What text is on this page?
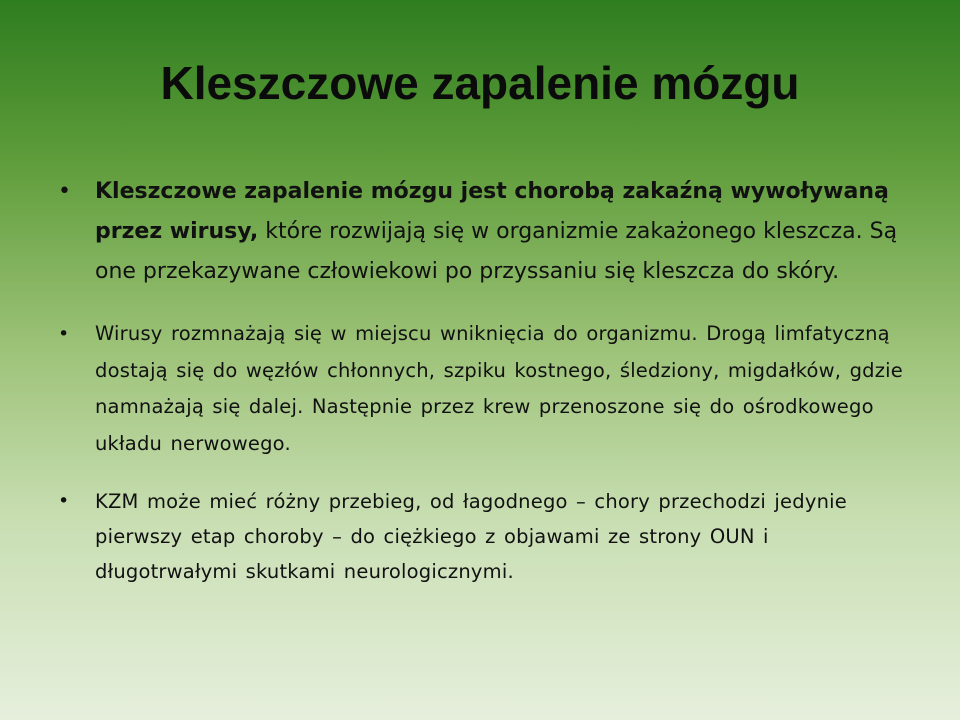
Kleszczowe zapalenie mózgu
• Kleszczowe zapalenie mózgu jest chorobą zakaźną wywoływaną przez wirusy, które rozwijają się w organizmie zakażonego kleszcza. Są one przekazywane człowiekowi po przyssaniu się kleszcza do skóry.
• Wirusy rozmnażają się w miejscu wniknięcia do organizmu. Drogą limfatyczną dostają się do węzłów chłonnych, szpiku kostnego, śledziony, migdałków, gdzie namnażają się dalej. Następnie przez krew przenoszone się do ośrodkowego układu nerwowego.
• KZM może mieć różny przebieg, od łagodnego – chory przechodzi jedynie pierwszy etap choroby – do ciężkiego z objawami ze strony OUN i długotrwałymi skutkami neurologicznymi.
